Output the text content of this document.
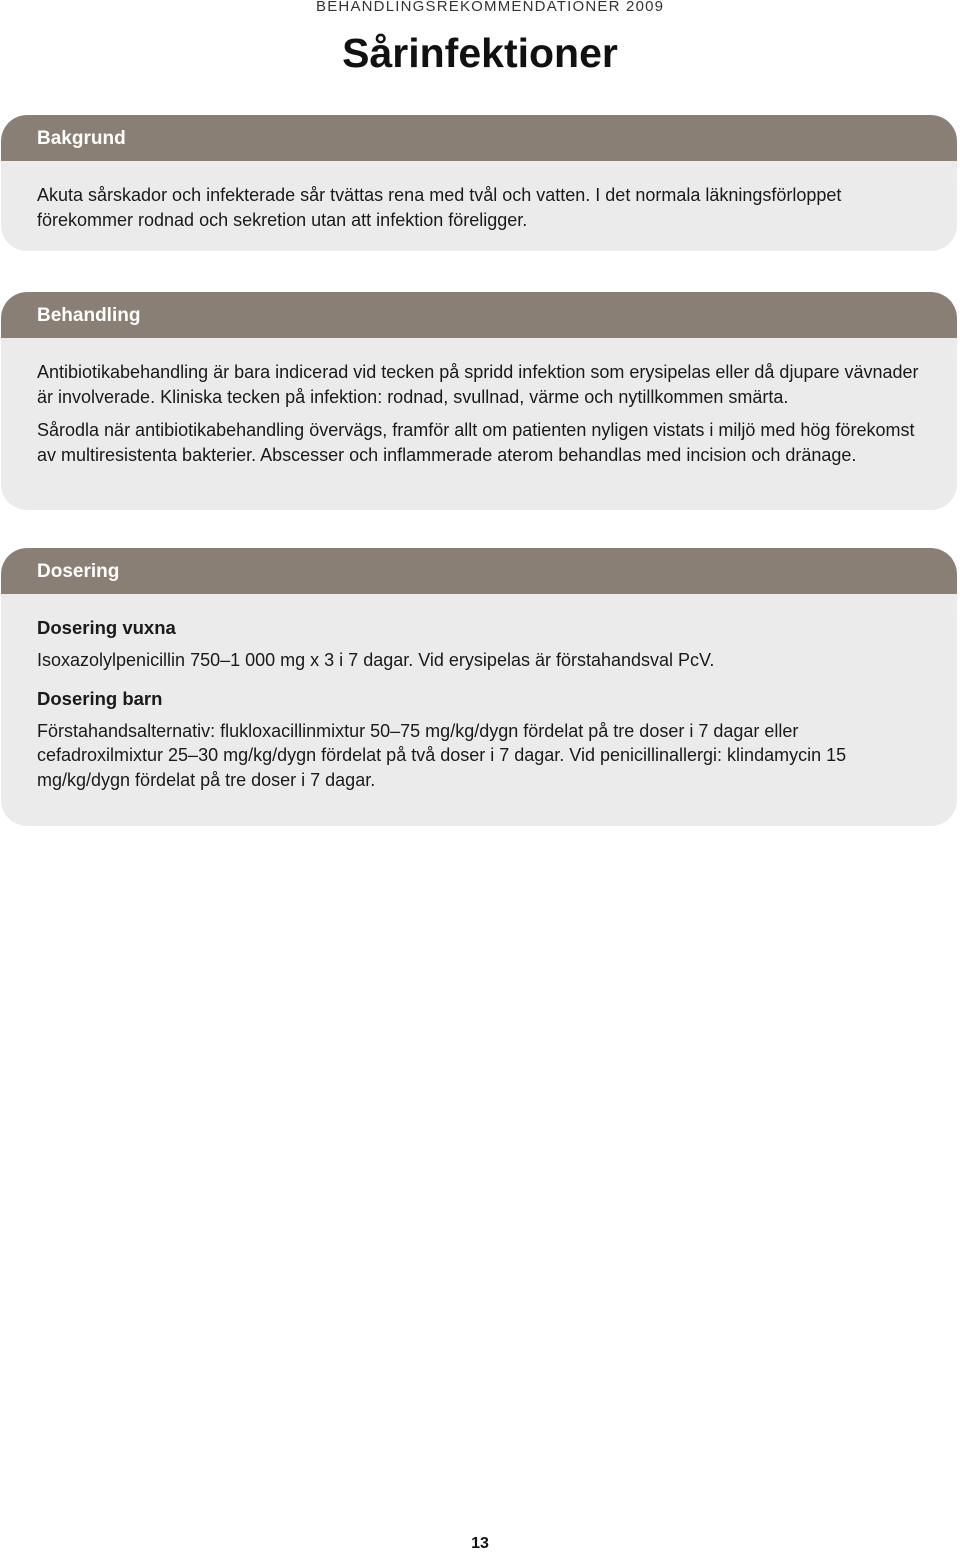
BEHANDLINGSREKOMMENDATIONER 2009
Sårinfektioner
Bakgrund

Akuta sårskador och infekterade sår tvättas rena med tvål och vatten. I det normala läkningsförloppet förekommer rodnad och sekretion utan att infektion föreligger.

Behandling

Antibiotikabehandling är bara indicerad vid tecken på spridd infektion som erysipelas eller då djupare vävnader är involverade. Kliniska tecken på infektion: rodnad, svullnad, värme och nytillkommen smärta.

Sårodla när antibiotikabehandling övervägs, framför allt om patienten nyligen vistats i miljö med hög förekomst av multiresistenta bakterier. Abscesser och inflammerade aterom behandlas med incision och dränage.

Dosering
Dosering vuxna

Isoxazolylpenicillin 750–1 000 mg x 3 i 7 dagar. Vid erysipelas är förstahandsval PcV.

Dosering barn

Förstahandsalternativ: flukloxacillinmixtur 50–75 mg/kg/dygn fördelat på tre doser i 7 dagar eller cefadroxilmixtur 25–30 mg/kg/dygn fördelat på två doser i 7 dagar. Vid penicillinallergi: klindamycin 15 mg/kg/dygn fördelat på tre doser i 7 dagar.

13
